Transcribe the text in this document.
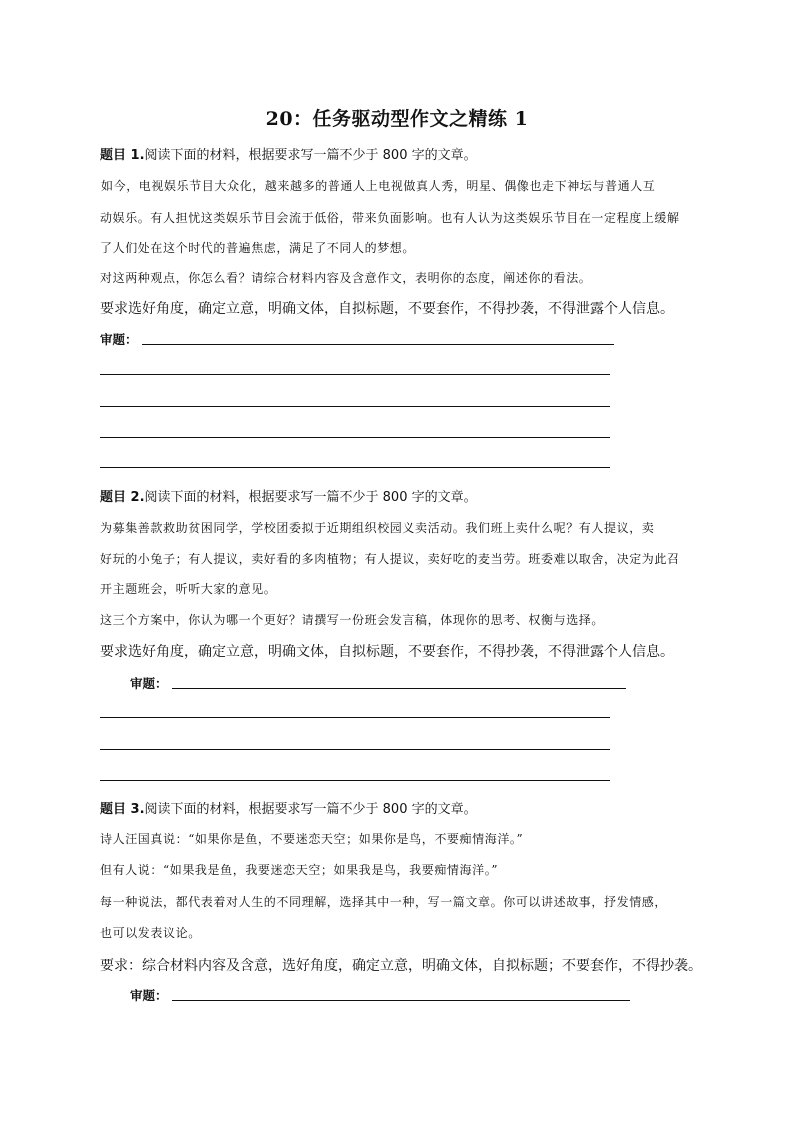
20：任务驱动型作文之精练 1
题目 1.阅读下面的材料，根据要求写一篇不少于 800 字的文章。
如今，电视娱乐节目大众化，越来越多的普通人上电视做真人秀，明星、偶像也走下神坛与普通人互
动娱乐。有人担忧这类娱乐节目会流于低俗，带来负面影响。也有人认为这类娱乐节目在一定程度上缓解
了人们处在这个时代的普遍焦虑，满足了不同人的梦想。
对这两种观点，你怎么看？请综合材料内容及含意作文，表明你的态度，阐述你的看法。
要求选好角度，确定立意，明确文体，自拟标题，不要套作，不得抄袭，不得泄露个人信息。
审题：
题目 2.阅读下面的材料，根据要求写一篇不少于 800 字的文章。
为募集善款救助贫困同学，学校团委拟于近期组织校园义卖活动。我们班上卖什么呢？有人提议，卖
好玩的小兔子；有人提议，卖好看的多肉植物；有人提议，卖好吃的麦当劳。班委难以取舍，决定为此召
开主题班会，听听大家的意见。
这三个方案中，你认为哪一个更好？请撰写一份班会发言稿，体现你的思考、权衡与选择。
要求选好角度，确定立意，明确文体，自拟标题，不要套作，不得抄袭，不得泄露个人信息。
审题：
题目 3.阅读下面的材料，根据要求写一篇不少于 800 字的文章。
诗人汪国真说：“如果你是鱼，不要迷恋天空；如果你是鸟，不要痴情海洋。”
但有人说：“如果我是鱼，我要迷恋天空；如果我是鸟，我要痴情海洋。”
每一种说法，都代表着对人生的不同理解，选择其中一种，写一篇文章。你可以讲述故事，抒发情感，
也可以发表议论。
要求：综合材料内容及含意，选好角度，确定立意，明确文体，自拟标题；不要套作，不得抄袭。
审题：
